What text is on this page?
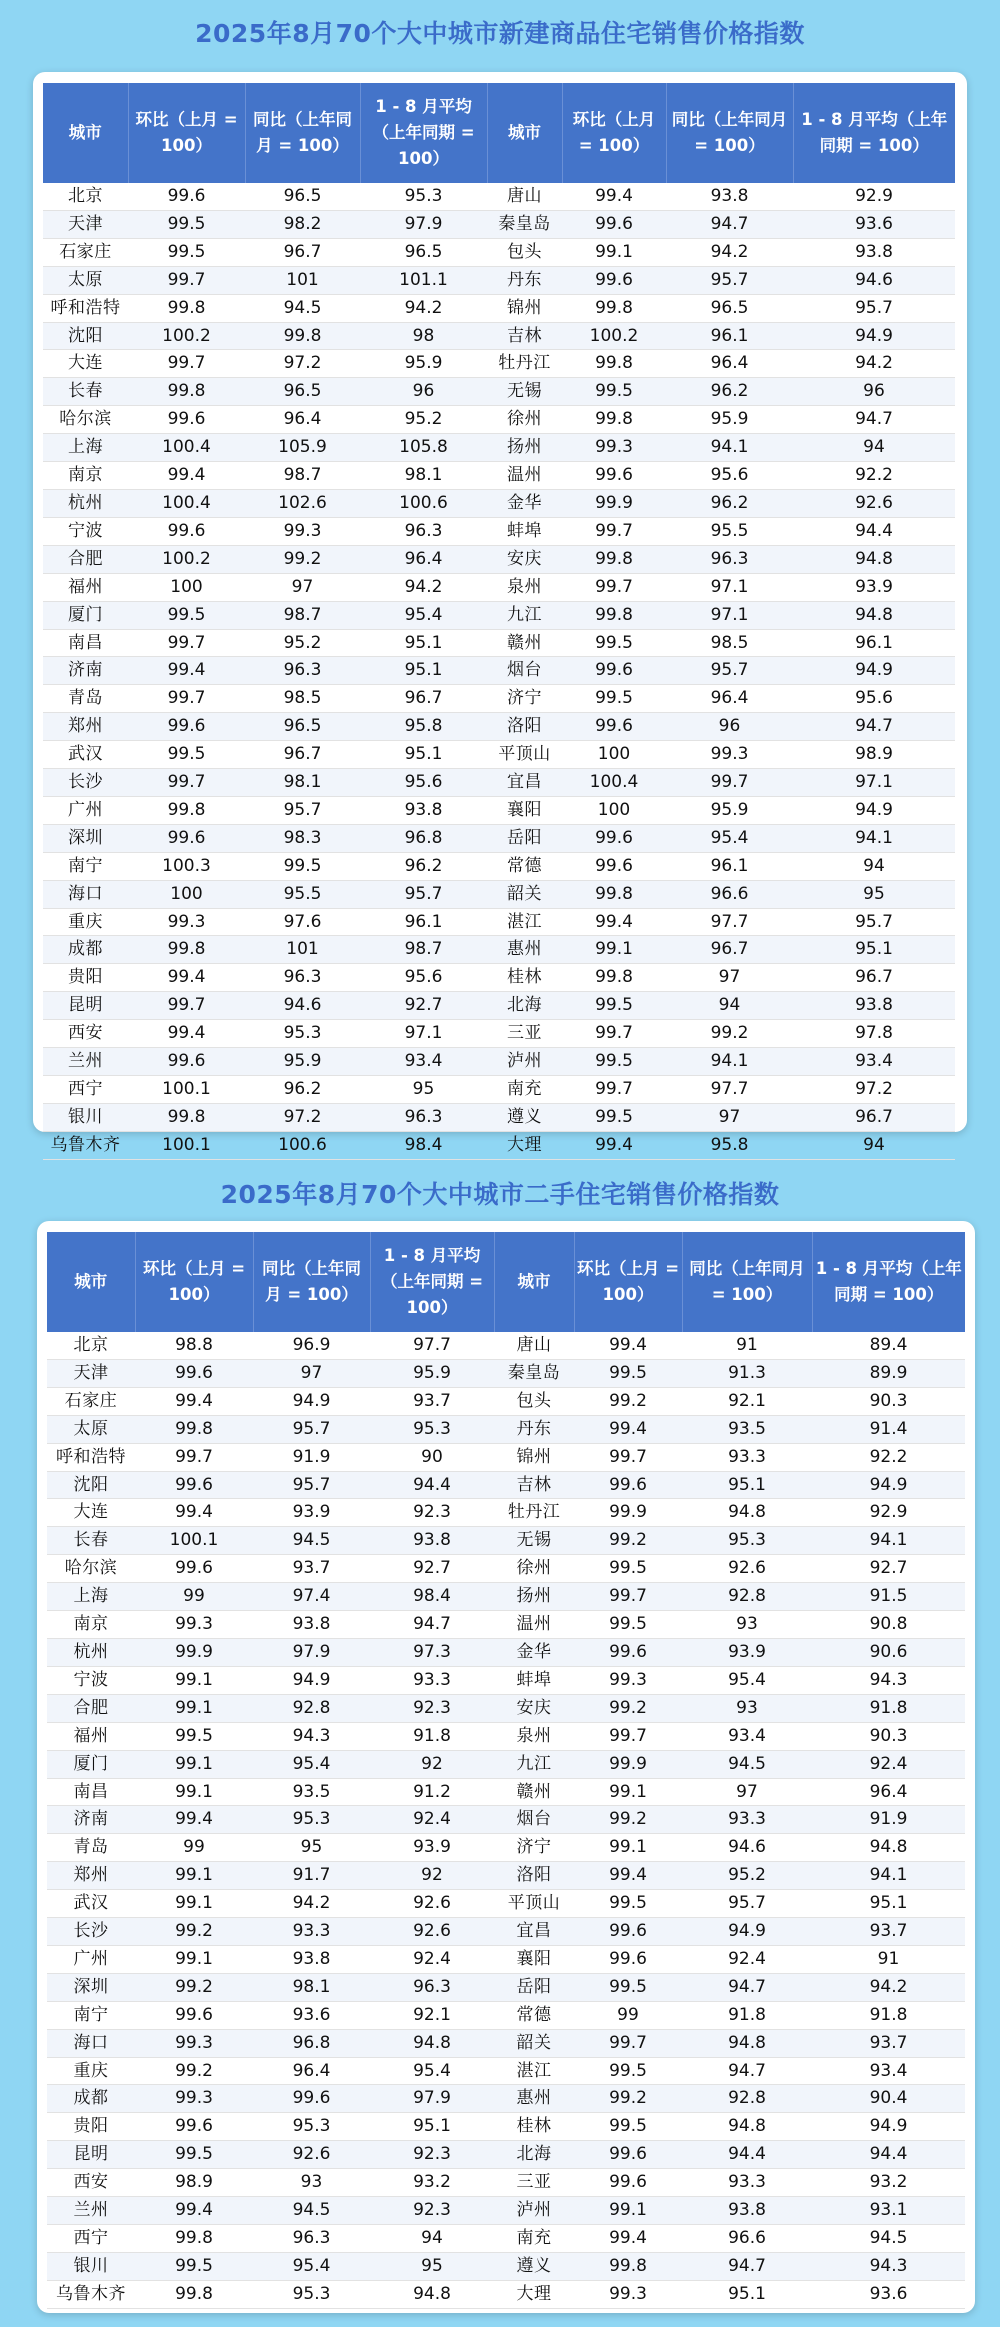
2025年8月70个大中城市新建商品住宅销售价格指数
城市	环比（上月 = 100）	同比（上年同月 = 100）	1 - 8 月平均（上年同期 = 100）	城市	环比（上月 = 100）	同比（上年同月 = 100）	1 - 8 月平均（上年同期 = 100）
北京	99.6	96.5	95.3	唐山	99.4	93.8	92.9
天津	99.5	98.2	97.9	秦皇岛	99.6	94.7	93.6
石家庄	99.5	96.7	96.5	包头	99.1	94.2	93.8
太原	99.7	101	101.1	丹东	99.6	95.7	94.6
呼和浩特	99.8	94.5	94.2	锦州	99.8	96.5	95.7
沈阳	100.2	99.8	98	吉林	100.2	96.1	94.9
大连	99.7	97.2	95.9	牡丹江	99.8	96.4	94.2
长春	99.8	96.5	96	无锡	99.5	96.2	96
哈尔滨	99.6	96.4	95.2	徐州	99.8	95.9	94.7
上海	100.4	105.9	105.8	扬州	99.3	94.1	94
南京	99.4	98.7	98.1	温州	99.6	95.6	92.2
杭州	100.4	102.6	100.6	金华	99.9	96.2	92.6
宁波	99.6	99.3	96.3	蚌埠	99.7	95.5	94.4
合肥	100.2	99.2	96.4	安庆	99.8	96.3	94.8
福州	100	97	94.2	泉州	99.7	97.1	93.9
厦门	99.5	98.7	95.4	九江	99.8	97.1	94.8
南昌	99.7	95.2	95.1	赣州	99.5	98.5	96.1
济南	99.4	96.3	95.1	烟台	99.6	95.7	94.9
青岛	99.7	98.5	96.7	济宁	99.5	96.4	95.6
郑州	99.6	96.5	95.8	洛阳	99.6	96	94.7
武汉	99.5	96.7	95.1	平顶山	100	99.3	98.9
长沙	99.7	98.1	95.6	宜昌	100.4	99.7	97.1
广州	99.8	95.7	93.8	襄阳	100	95.9	94.9
深圳	99.6	98.3	96.8	岳阳	99.6	95.4	94.1
南宁	100.3	99.5	96.2	常德	99.6	96.1	94
海口	100	95.5	95.7	韶关	99.8	96.6	95
重庆	99.3	97.6	96.1	湛江	99.4	97.7	95.7
成都	99.8	101	98.7	惠州	99.1	96.7	95.1
贵阳	99.4	96.3	95.6	桂林	99.8	97	96.7
昆明	99.7	94.6	92.7	北海	99.5	94	93.8
西安	99.4	95.3	97.1	三亚	99.7	99.2	97.8
兰州	99.6	95.9	93.4	泸州	99.5	94.1	93.4
西宁	100.1	96.2	95	南充	99.7	97.7	97.2
银川	99.8	97.2	96.3	遵义	99.5	97	96.7
乌鲁木齐	100.1	100.6	98.4	大理	99.4	95.8	94
2025年8月70个大中城市二手住宅销售价格指数
城市	环比（上月 = 100）	同比（上年同月 = 100）	1 - 8 月平均（上年同期 = 100）	城市	环比（上月 = 100）	同比（上年同月 = 100）	1 - 8 月平均（上年同期 = 100）
北京	98.8	96.9	97.7	唐山	99.4	91	89.4
天津	99.6	97	95.9	秦皇岛	99.5	91.3	89.9
石家庄	99.4	94.9	93.7	包头	99.2	92.1	90.3
太原	99.8	95.7	95.3	丹东	99.4	93.5	91.4
呼和浩特	99.7	91.9	90	锦州	99.7	93.3	92.2
沈阳	99.6	95.7	94.4	吉林	99.6	95.1	94.9
大连	99.4	93.9	92.3	牡丹江	99.9	94.8	92.9
长春	100.1	94.5	93.8	无锡	99.2	95.3	94.1
哈尔滨	99.6	93.7	92.7	徐州	99.5	92.6	92.7
上海	99	97.4	98.4	扬州	99.7	92.8	91.5
南京	99.3	93.8	94.7	温州	99.5	93	90.8
杭州	99.9	97.9	97.3	金华	99.6	93.9	90.6
宁波	99.1	94.9	93.3	蚌埠	99.3	95.4	94.3
合肥	99.1	92.8	92.3	安庆	99.2	93	91.8
福州	99.5	94.3	91.8	泉州	99.7	93.4	90.3
厦门	99.1	95.4	92	九江	99.9	94.5	92.4
南昌	99.1	93.5	91.2	赣州	99.1	97	96.4
济南	99.4	95.3	92.4	烟台	99.2	93.3	91.9
青岛	99	95	93.9	济宁	99.1	94.6	94.8
郑州	99.1	91.7	92	洛阳	99.4	95.2	94.1
武汉	99.1	94.2	92.6	平顶山	99.5	95.7	95.1
长沙	99.2	93.3	92.6	宜昌	99.6	94.9	93.7
广州	99.1	93.8	92.4	襄阳	99.6	92.4	91
深圳	99.2	98.1	96.3	岳阳	99.5	94.7	94.2
南宁	99.6	93.6	92.1	常德	99	91.8	91.8
海口	99.3	96.8	94.8	韶关	99.7	94.8	93.7
重庆	99.2	96.4	95.4	湛江	99.5	94.7	93.4
成都	99.3	99.6	97.9	惠州	99.2	92.8	90.4
贵阳	99.6	95.3	95.1	桂林	99.5	94.8	94.9
昆明	99.5	92.6	92.3	北海	99.6	94.4	94.4
西安	98.9	93	93.2	三亚	99.6	93.3	93.2
兰州	99.4	94.5	92.3	泸州	99.1	93.8	93.1
西宁	99.8	96.3	94	南充	99.4	96.6	94.5
银川	99.5	95.4	95	遵义	99.8	94.7	94.3
乌鲁木齐	99.8	95.3	94.8	大理	99.3	95.1	93.6
